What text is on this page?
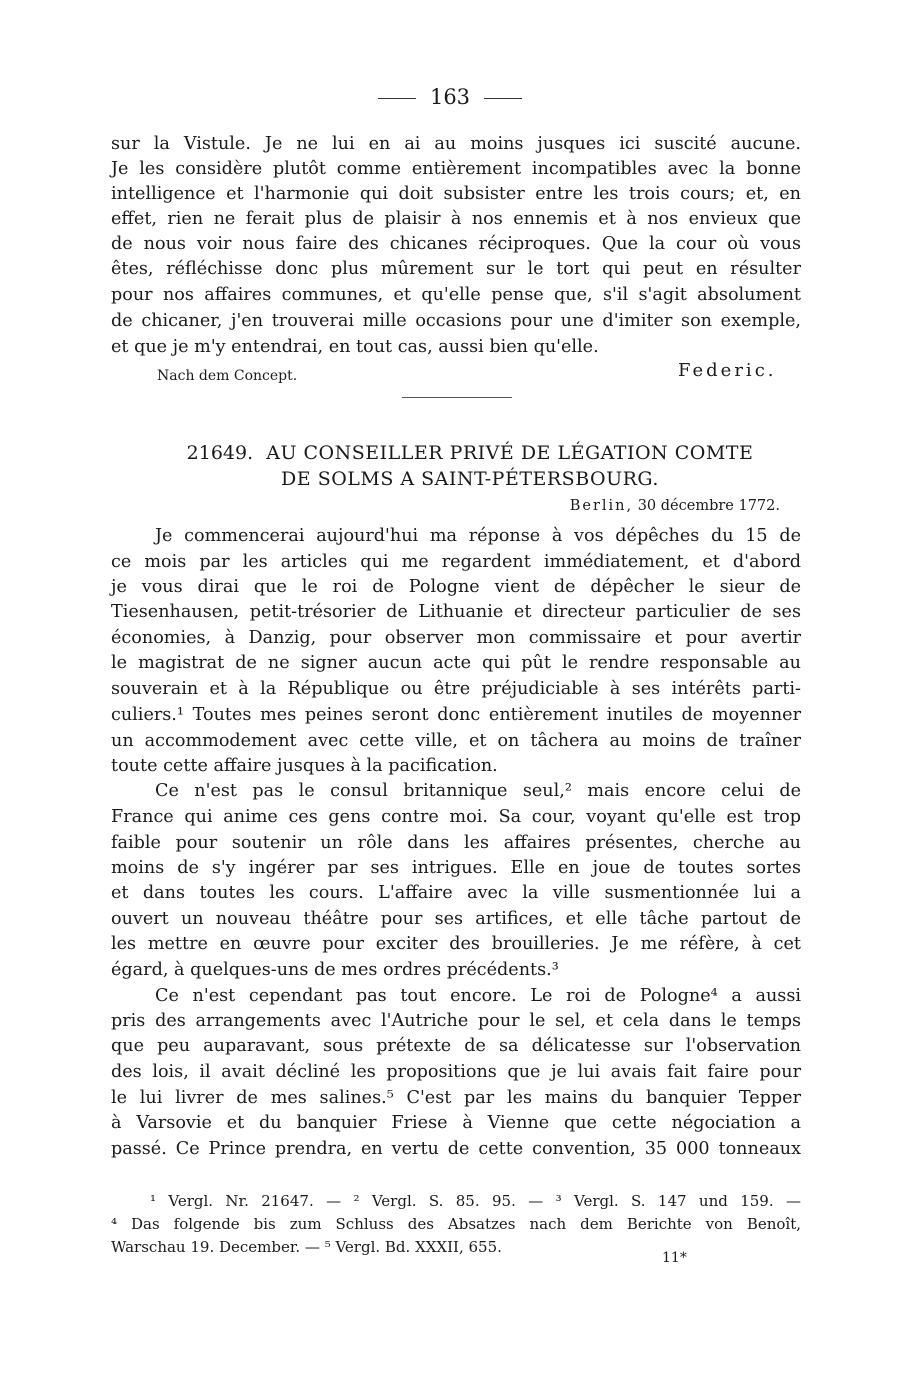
163
sur la Vistule. Je ne lui en ai au moins jusques ici suscité aucune.
Je les considère plutôt comme entièrement incompatibles avec la bonne
intelligence et l'harmonie qui doit subsister entre les trois cours; et, en
effet, rien ne ferait plus de plaisir à nos ennemis et à nos envieux que
de nous voir nous faire des chicanes réciproques. Que la cour où vous
êtes, réfléchisse donc plus mûrement sur le tort qui peut en résulter
pour nos affaires communes, et qu'elle pense que, s'il s'agit absolument
de chicaner, j'en trouverai mille occasions pour une d'imiter son exemple,
et que je m'y entendrai, en tout cas, aussi bien qu'elle.
Nach dem Concept.	Federic.
21649. AU CONSEILLER PRIVÉ DE LÉGATION COMTE
DE SOLMS A SAINT-PÉTERSBOURG.
Berlin, 30 décembre 1772.
Je commencerai aujourd'hui ma réponse à vos dépêches du 15 de
ce mois par les articles qui me regardent immédiatement, et d'abord
je vous dirai que le roi de Pologne vient de dépêcher le sieur de
Tiesenhausen, petit-trésorier de Lithuanie et directeur particulier de ses
économies, à Danzig, pour observer mon commissaire et pour avertir
le magistrat de ne signer aucun acte qui pût le rendre responsable au
souverain et à la République ou être préjudiciable à ses intérêts parti-
culiers.¹ Toutes mes peines seront donc entièrement inutiles de moyenner
un accommodement avec cette ville, et on tâchera au moins de traîner
toute cette affaire jusques à la pacification.
Ce n'est pas le consul britannique seul,² mais encore celui de
France qui anime ces gens contre moi. Sa cour, voyant qu'elle est trop
faible pour soutenir un rôle dans les affaires présentes, cherche au
moins de s'y ingérer par ses intrigues. Elle en joue de toutes sortes
et dans toutes les cours. L'affaire avec la ville susmentionnée lui a
ouvert un nouveau théâtre pour ses artifices, et elle tâche partout de
les mettre en œuvre pour exciter des brouilleries. Je me réfère, à cet
égard, à quelques-uns de mes ordres précédents.³
Ce n'est cependant pas tout encore. Le roi de Pologne⁴ a aussi
pris des arrangements avec l'Autriche pour le sel, et cela dans le temps
que peu auparavant, sous prétexte de sa délicatesse sur l'observation
des lois, il avait décliné les propositions que je lui avais fait faire pour
le lui livrer de mes salines.⁵ C'est par les mains du banquier Tepper
à Varsovie et du banquier Friese à Vienne que cette négociation a
passé. Ce Prince prendra, en vertu de cette convention, 35 000 tonneaux
¹ Vergl. Nr. 21647. — ² Vergl. S. 85. 95. — ³ Vergl. S. 147 und 159. —
⁴ Das folgende bis zum Schluss des Absatzes nach dem Berichte von Benoît,
Warschau 19. December. — ⁵ Vergl. Bd. XXXII, 655.
11*
